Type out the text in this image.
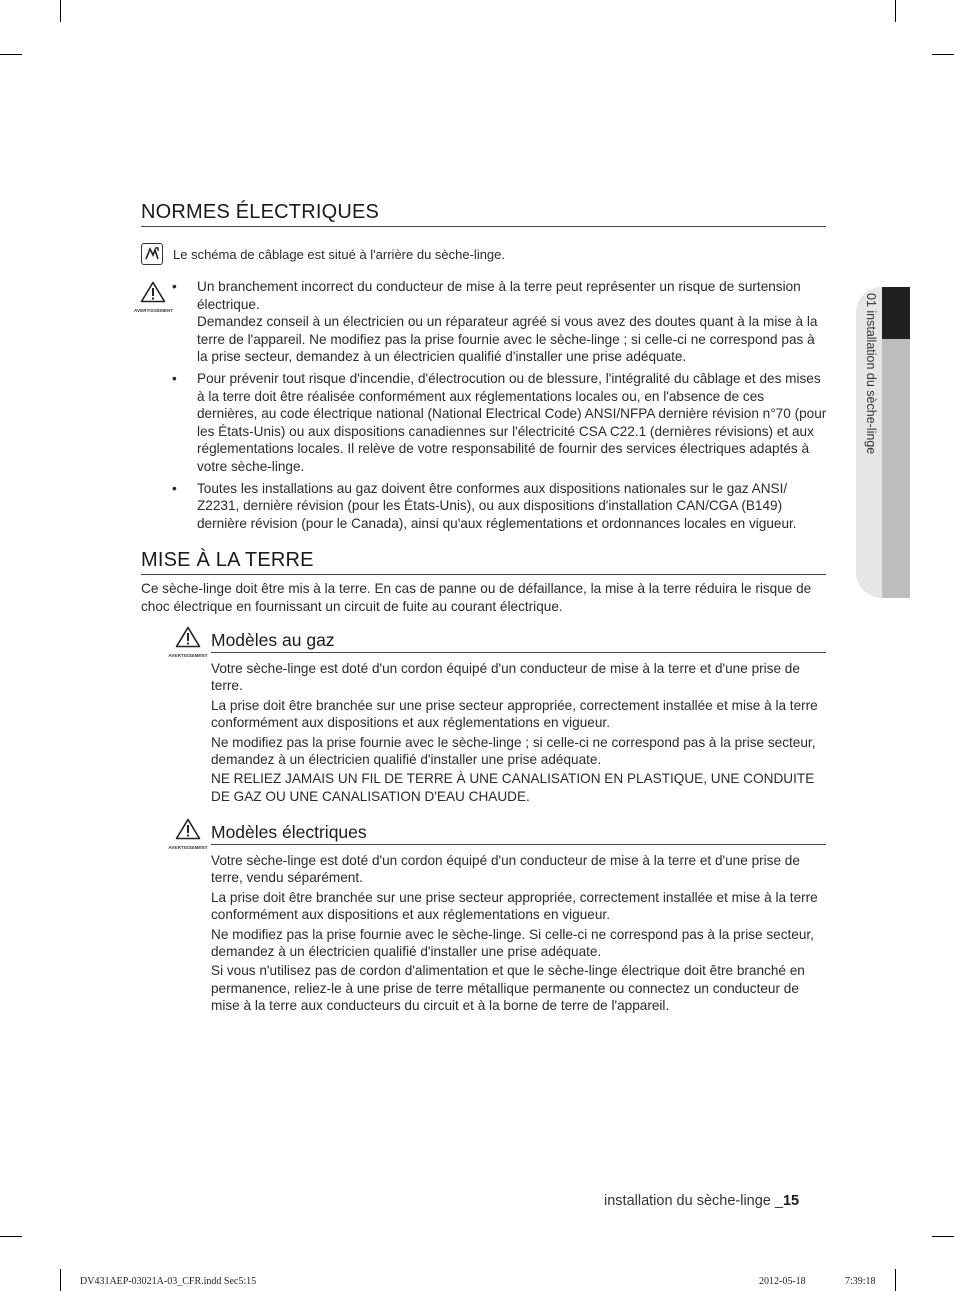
NORMES ÉLECTRIQUES
Le schéma de câblage est situé à l'arrière du sèche-linge.
AVERTISSEMENT

• Un branchement incorrect du conducteur de mise à la terre peut représenter un risque de surtension électrique.

Demandez conseil à un électricien ou un réparateur agréé si vous avez des doutes quant à la mise à la terre de l'appareil. Ne modifiez pas la prise fournie avec le sèche-linge ; si celle-ci ne correspond pas à la prise secteur, demandez à un électricien qualifié d'installer une prise adéquate.

• Pour prévenir tout risque d'incendie, d'électrocution ou de blessure, l'intégralité du câblage et des mises à la terre doit être réalisée conformément aux réglementations locales ou, en l'absence de ces dernières, au code électrique national (National Electrical Code) ANSI/NFPA dernière révision n°70 (pour les États-Unis) ou aux dispositions canadiennes sur l'électricité CSA C22.1 (dernières révisions) et aux réglementations locales. Il relève de votre responsabilité de fournir des services électriques adaptés à votre sèche-linge.

• Toutes les installations au gaz doivent être conformes aux dispositions nationales sur le gaz ANSI/ Z2231, dernière révision (pour les États-Unis), ou aux dispositions d'installation CAN/CGA (B149) dernière révision (pour le Canada), ainsi qu'aux réglementations et ordonnances locales en vigueur.

MISE À LA TERRE

Ce sèche-linge doit être mis à la terre. En cas de panne ou de défaillance, la mise à la terre réduira le risque de choc électrique en fournissant un circuit de fuite au courant électrique.

AVERTISSEMENT
Modèles au gaz

Votre sèche-linge est doté d'un cordon équipé d'un conducteur de mise à la terre et d'une prise de terre.

La prise doit être branchée sur une prise secteur appropriée, correctement installée et mise à la terre conformément aux dispositions et aux réglementations en vigueur.

Ne modifiez pas la prise fournie avec le sèche-linge ; si celle-ci ne correspond pas à la prise secteur, demandez à un électricien qualifié d'installer une prise adéquate.

NE RELIEZ JAMAIS UN FIL DE TERRE À UNE CANALISATION EN PLASTIQUE, UNE CONDUITE DE GAZ OU UNE CANALISATION D'EAU CHAUDE.

AVERTISSEMENT
Modèles électriques

Votre sèche-linge est doté d'un cordon équipé d'un conducteur de mise à la terre et d'une prise de terre, vendu séparément.

La prise doit être branchée sur une prise secteur appropriée, correctement installée et mise à la terre conformément aux dispositions et aux réglementations en vigueur.

Ne modifiez pas la prise fournie avec le sèche-linge. Si celle-ci ne correspond pas à la prise secteur, demandez à un électricien qualifié d'installer une prise adéquate.

Si vous n'utilisez pas de cordon d'alimentation et que le sèche-linge électrique doit être branché en permanence, reliez-le à une prise de terre métallique permanente ou connectez un conducteur de mise à la terre aux conducteurs du circuit et à la borne de terre de l'appareil.

01 installation du sèche-linge
installation du sèche-linge _15
DV431AEP-03021A-03_CFR.indd Sec5:15	2012-05-18	7:39:18
